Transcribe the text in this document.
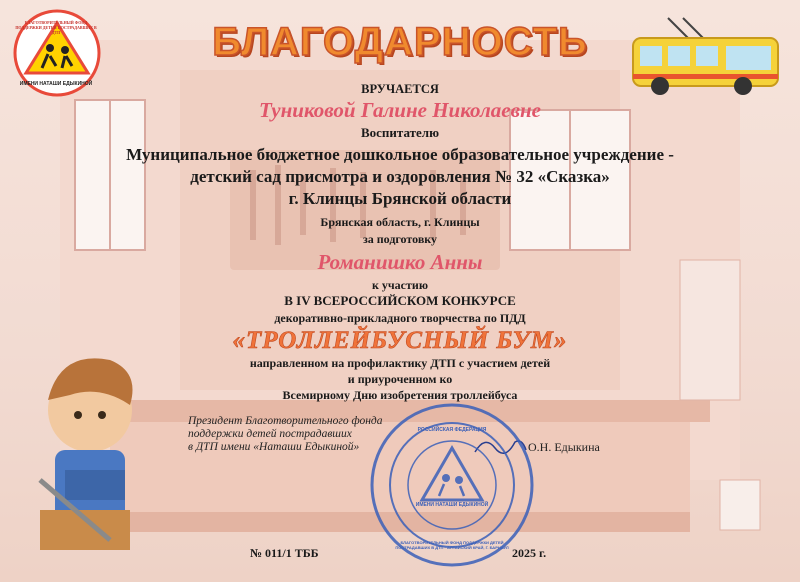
БЛАГОТВОРИТЕЛЬНЫЙ ФОНД ПОДДЕРЖКИ ДЕТЕЙ ПОСТРАДАВШИХ В ДТП
ИМЕНИ НАТАШИ ЕДЫКИНОЙ
БЛАГОДАРНОСТЬ
ВРУЧАЕТСЯ
Туниковой Галине Николаевне
Воспитателю
Муниципальное бюджетное дошкольное образовательное учреждение -
детский сад присмотра и оздоровления № 32 «Сказка»
г. Клинцы Брянской области
Брянская область, г. Клинцы
за подготовку
Романишко Анны
к участию
В IV ВСЕРОССИЙСКОМ КОНКУРСЕ
декоративно-прикладного творчества по ПДД
«ТРОЛЛЕЙБУСНЫЙ БУМ»
направленном на профилактику ДТП с участием детей
и приуроченном ко
Всемирному Дню изобретения троллейбуса
Президент Благотворительного фонда
поддержки детей пострадавших
в ДТП имени «Наташи Едыкиной»	О.Н. Едыкина
РОССИЙСКАЯ ФЕДЕРАЦИЯ
ИМЕНИ НАТАШИ ЕДЫКИНОЙ
БЛАГОТВОРИТЕЛЬНЫЙ ФОНД ПОДДЕРЖКИ ДЕТЕЙ ПОСТРАДАВШИХ В ДТП · АЛТАЙСКИЙ КРАЙ, Г. БАРНАУЛ
№ 011/1 ТББ	2025 г.
